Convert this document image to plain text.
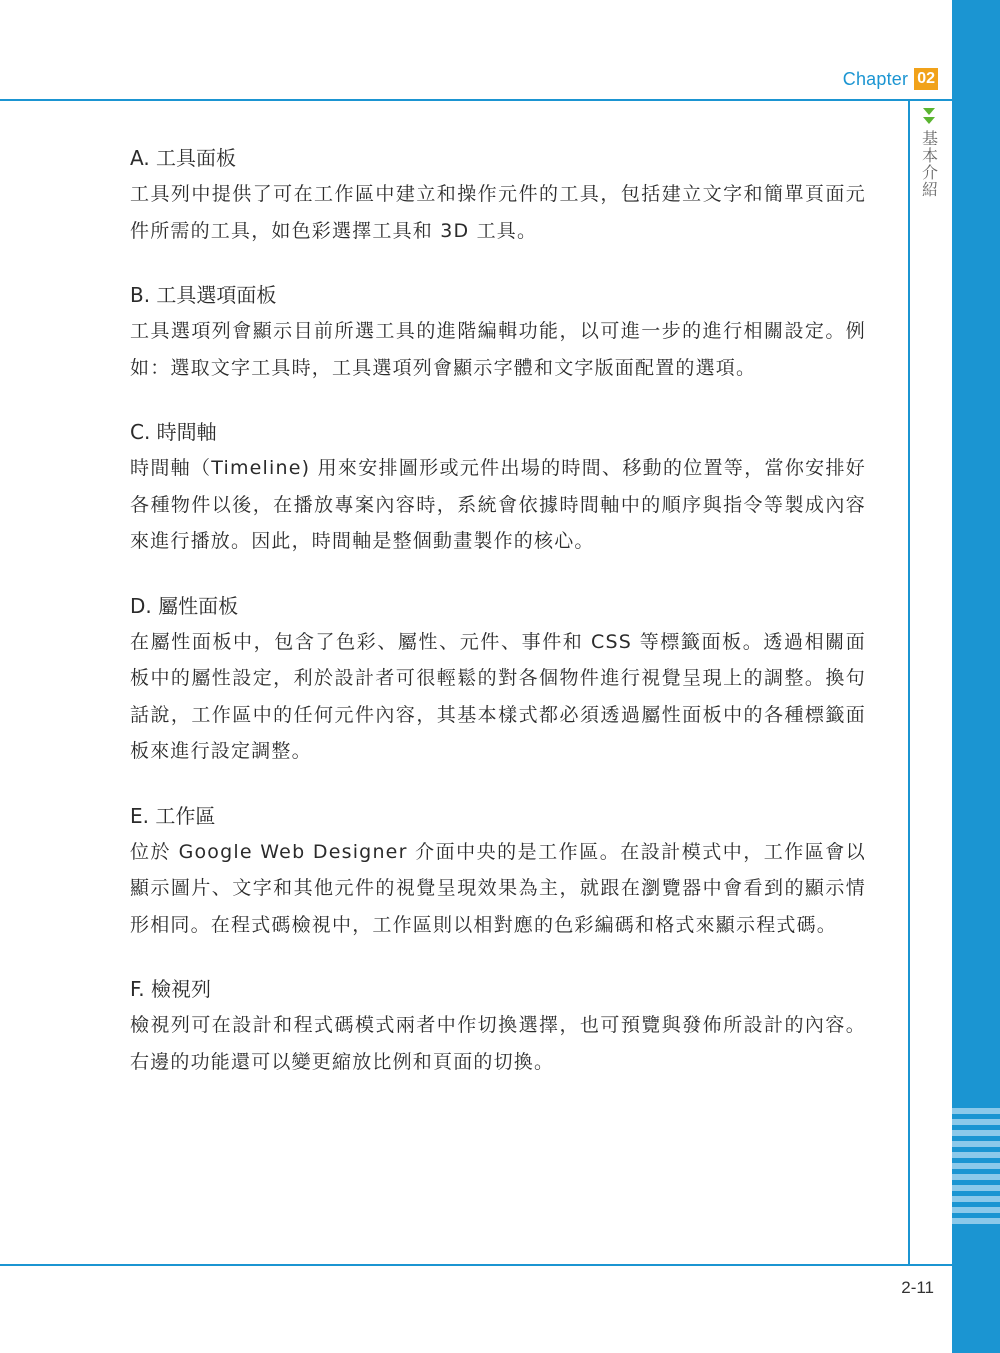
Chapter 02
基本介紹
A. 工具面板

工具列中提供了可在工作區中建立和操作元件的工具，包括建立文字和簡單頁面元件所需的工具，如色彩選擇工具和 3D 工具。

B. 工具選項面板

工具選項列會顯示目前所選工具的進階編輯功能，以可進一步的進行相關設定。例如：選取文字工具時，工具選項列會顯示字體和文字版面配置的選項。

C. 時間軸

時間軸（Timeline) 用來安排圖形或元件出場的時間、移動的位置等，當你安排好各種物件以後，在播放專案內容時，系統會依據時間軸中的順序與指令等製成內容來進行播放。因此，時間軸是整個動畫製作的核心。

D. 屬性面板

在屬性面板中，包含了色彩、屬性、元件、事件和 CSS 等標籤面板。透過相關面板中的屬性設定，利於設計者可很輕鬆的對各個物件進行視覺呈現上的調整。換句話說，工作區中的任何元件內容，其基本樣式都必須透過屬性面板中的各種標籤面板來進行設定調整。

E. 工作區

位於 Google Web Designer 介面中央的是工作區。在設計模式中，工作區會以顯示圖片、文字和其他元件的視覺呈現效果為主，就跟在瀏覽器中會看到的顯示情形相同。在程式碼檢視中，工作區則以相對應的色彩編碼和格式來顯示程式碼。

F. 檢視列

檢視列可在設計和程式碼模式兩者中作切換選擇，也可預覽與發佈所設計的內容。右邊的功能還可以變更縮放比例和頁面的切換。

2-11
